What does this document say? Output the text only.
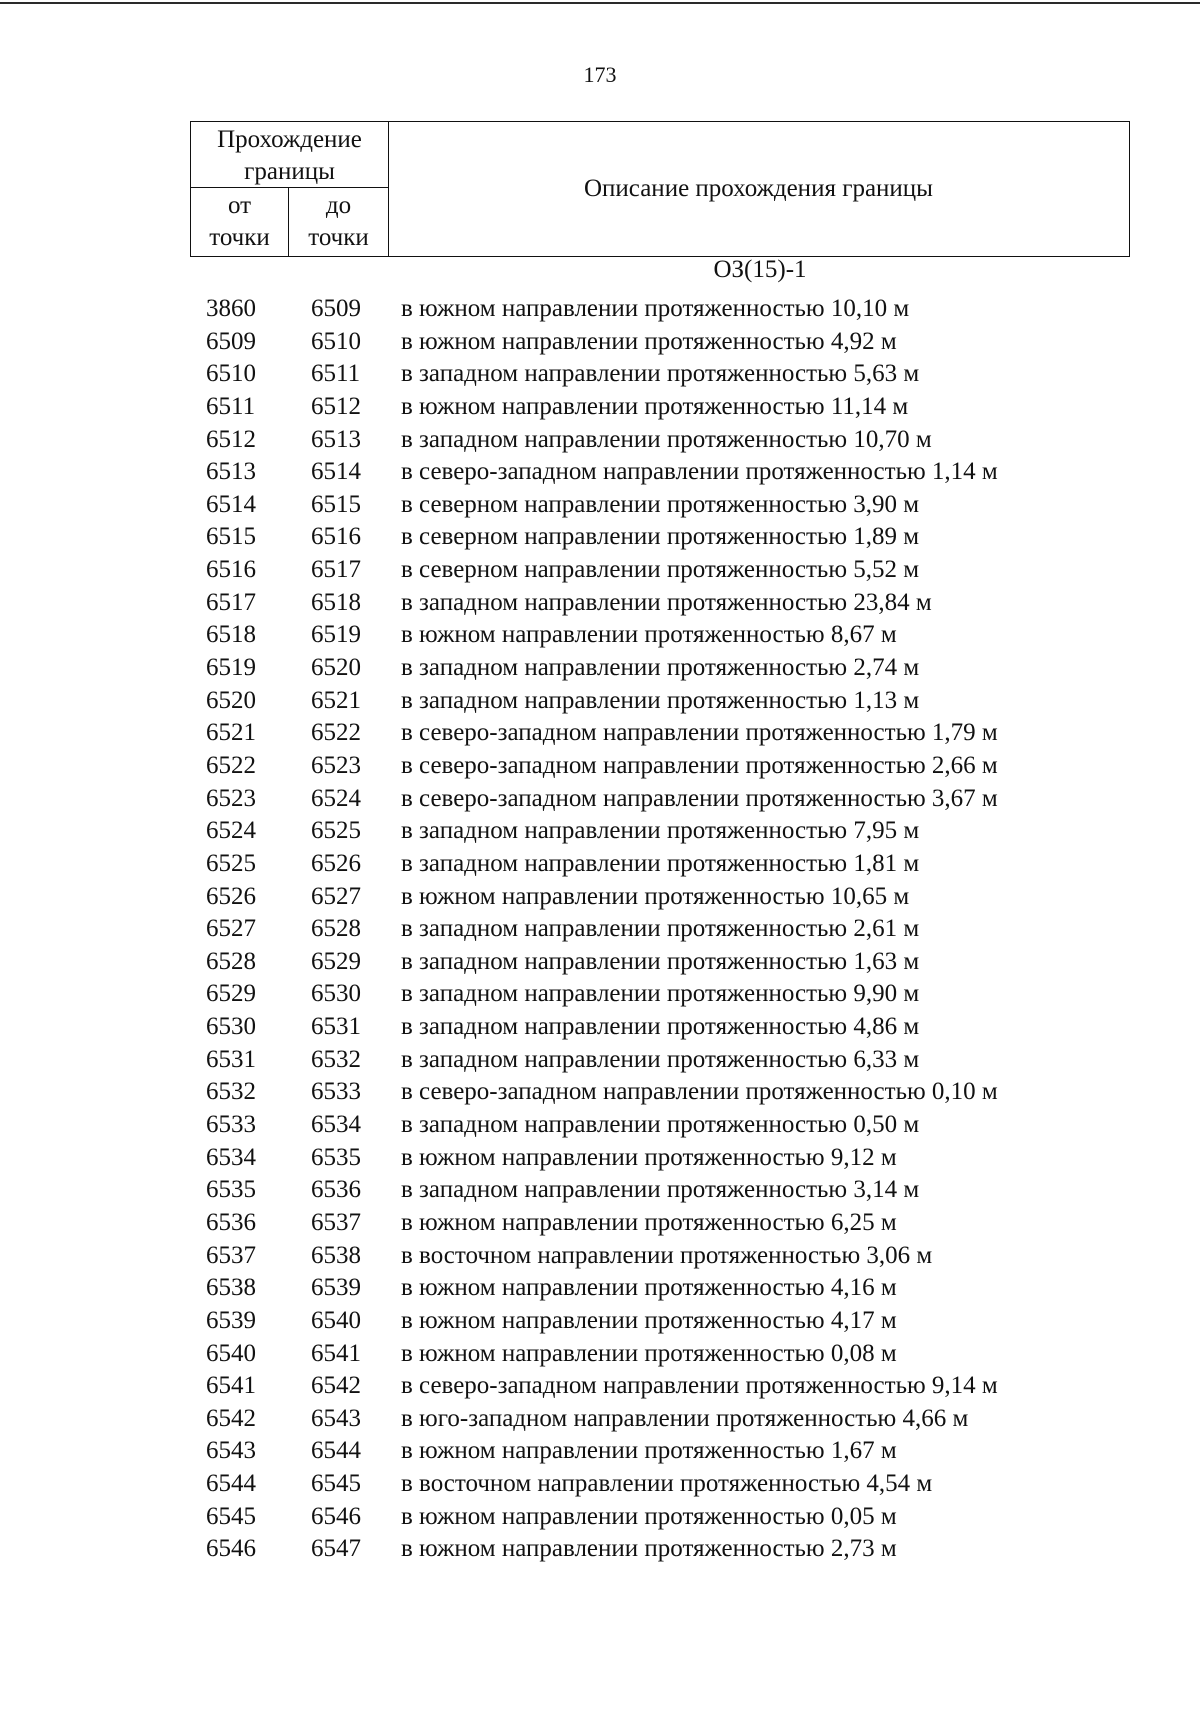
173
Прохождение
границы
от
точки
до
точки
Описание прохождения границы
ОЗ(15)-1
3860 6509 в южном направлении протяженностью 10,10 м
6509 6510 в южном направлении протяженностью 4,92 м
6510 6511 в западном направлении протяженностью 5,63 м
6511 6512 в южном направлении протяженностью 11,14 м
6512 6513 в западном направлении протяженностью 10,70 м
6513 6514 в северо-западном направлении протяженностью 1,14 м
6514 6515 в северном направлении протяженностью 3,90 м
6515 6516 в северном направлении протяженностью 1,89 м
6516 6517 в северном направлении протяженностью 5,52 м
6517 6518 в западном направлении протяженностью 23,84 м
6518 6519 в южном направлении протяженностью 8,67 м
6519 6520 в западном направлении протяженностью 2,74 м
6520 6521 в западном направлении протяженностью 1,13 м
6521 6522 в северо-западном направлении протяженностью 1,79 м
6522 6523 в северо-западном направлении протяженностью 2,66 м
6523 6524 в северо-западном направлении протяженностью 3,67 м
6524 6525 в западном направлении протяженностью 7,95 м
6525 6526 в западном направлении протяженностью 1,81 м
6526 6527 в южном направлении протяженностью 10,65 м
6527 6528 в западном направлении протяженностью 2,61 м
6528 6529 в западном направлении протяженностью 1,63 м
6529 6530 в западном направлении протяженностью 9,90 м
6530 6531 в западном направлении протяженностью 4,86 м
6531 6532 в западном направлении протяженностью 6,33 м
6532 6533 в северо-западном направлении протяженностью 0,10 м
6533 6534 в западном направлении протяженностью 0,50 м
6534 6535 в южном направлении протяженностью 9,12 м
6535 6536 в западном направлении протяженностью 3,14 м
6536 6537 в южном направлении протяженностью 6,25 м
6537 6538 в восточном направлении протяженностью 3,06 м
6538 6539 в южном направлении протяженностью 4,16 м
6539 6540 в южном направлении протяженностью 4,17 м
6540 6541 в южном направлении протяженностью 0,08 м
6541 6542 в северо-западном направлении протяженностью 9,14 м
6542 6543 в юго-западном направлении протяженностью 4,66 м
6543 6544 в южном направлении протяженностью 1,67 м
6544 6545 в восточном направлении протяженностью 4,54 м
6545 6546 в южном направлении протяженностью 0,05 м
6546 6547 в южном направлении протяженностью 2,73 м
